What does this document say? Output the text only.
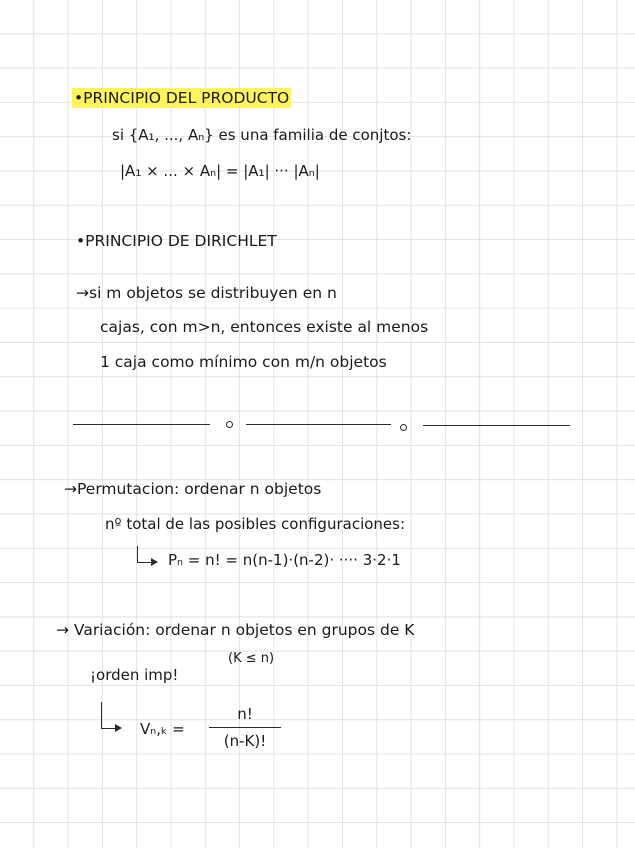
•PRINCIPIO DEL PRODUCTO
si {A₁, ..., Aₙ} es una familia de conjtos:
|A₁ × ... × Aₙ| = |A₁| ··· |Aₙ|
•PRINCIPIO DE DIRICHLET
→si m objetos se distribuyen en n
cajas, con m>n, entonces existe al menos
1 caja como mínimo con m/n objetos
→Permutacion: ordenar n objetos
nº total de las posibles configuraciones:
Pₙ = n! = n(n-1)·(n-2)· ···· 3·2·1
→ Variación: ordenar n objetos en grupos de K
(K ≤ n)
¡orden imp!
Vₙ,ₖ =
n!
(n-K)!
